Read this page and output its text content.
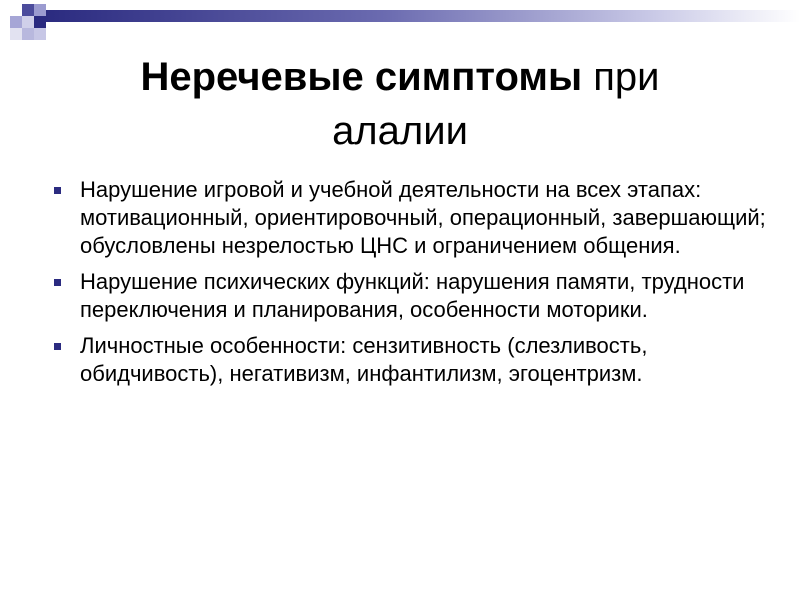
Неречевые симптомы при
алалии
Нарушение игровой и учебной деятельности на всех этапах: мотивационный, ориентировочный, операционный, завершающий; обусловлены незрелостью ЦНС и ограничением общения.
Нарушение психических функций: нарушения памяти, трудности переключения и планирования, особенности моторики.
Личностные особенности: сензитивность (слезливость, обидчивость), негативизм, инфантилизм, эгоцентризм.
